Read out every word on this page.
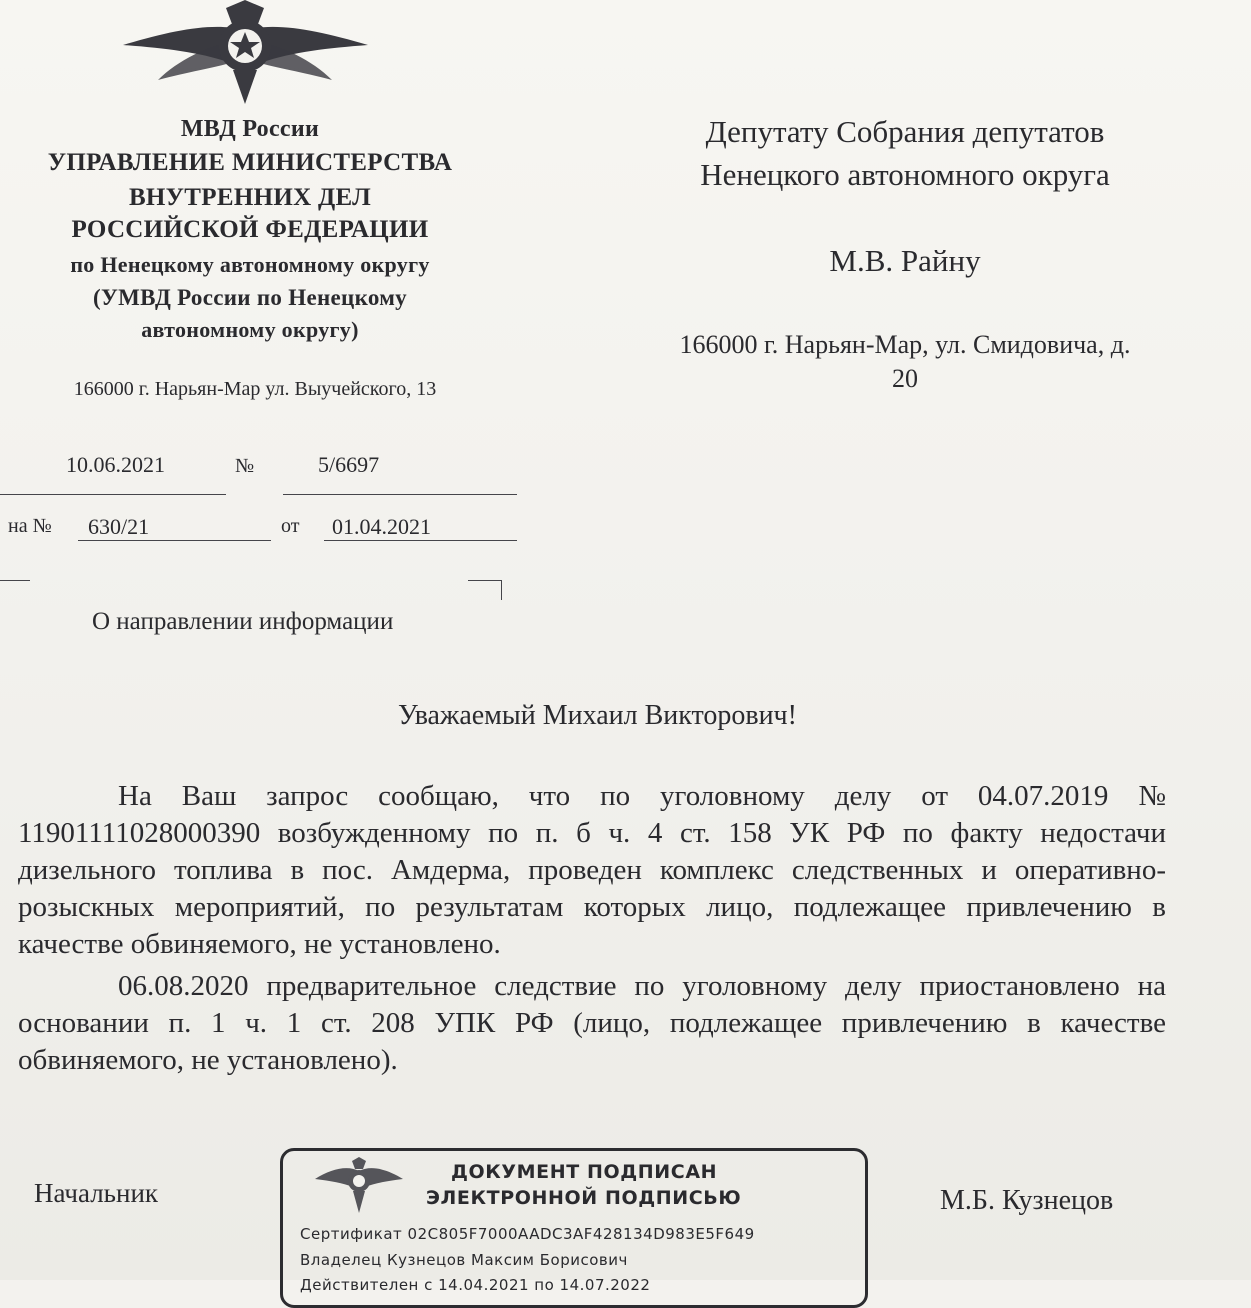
МВД России
УПРАВЛЕНИЕ МИНИСТЕРСТВА
ВНУТРЕННИХ ДЕЛ
РОССИЙСКОЙ ФЕДЕРАЦИИ
по Ненецкому автономному округу
(УМВД России по Ненецкому
автономному округу)
166000 г. Нарьян-Мар ул. Выучейского, 13
10.06.2021	№	5/6697
на № 630/21	от 01.04.2021
О направлении информации
Депутату Собрания депутатов
Ненецкого автономного округа
М.В. Райну
166000 г. Нарьян-Мар, ул. Смидовича, д.
20
Уважаемый Михаил Викторович!
На Ваш запрос сообщаю, что по уголовному делу от 04.07.2019 № 11901111028000390 возбужденному по п. б ч. 4 ст. 158 УК РФ по факту недостачи дизельного топлива в пос. Амдерма, проведен комплекс следственных и оперативно-розыскных мероприятий, по результатам которых лицо, подлежащее привлечению в качестве обвиняемого, не установлено.
06.08.2020 предварительное следствие по уголовному делу приостановлено на основании п. 1 ч. 1 ст. 208 УПК РФ (лицо, подлежащее привлечению в качестве обвиняемого, не установлено).
Начальник	М.Б. Кузнецов
ДОКУМЕНТ ПОДПИСАН
ЭЛЕКТРОННОЙ ПОДПИСЬЮ
Сертификат 02C805F7000AADC3AF428134D983E5F649
Владелец Кузнецов Максим Борисович
Действителен с 14.04.2021 по 14.07.2022
